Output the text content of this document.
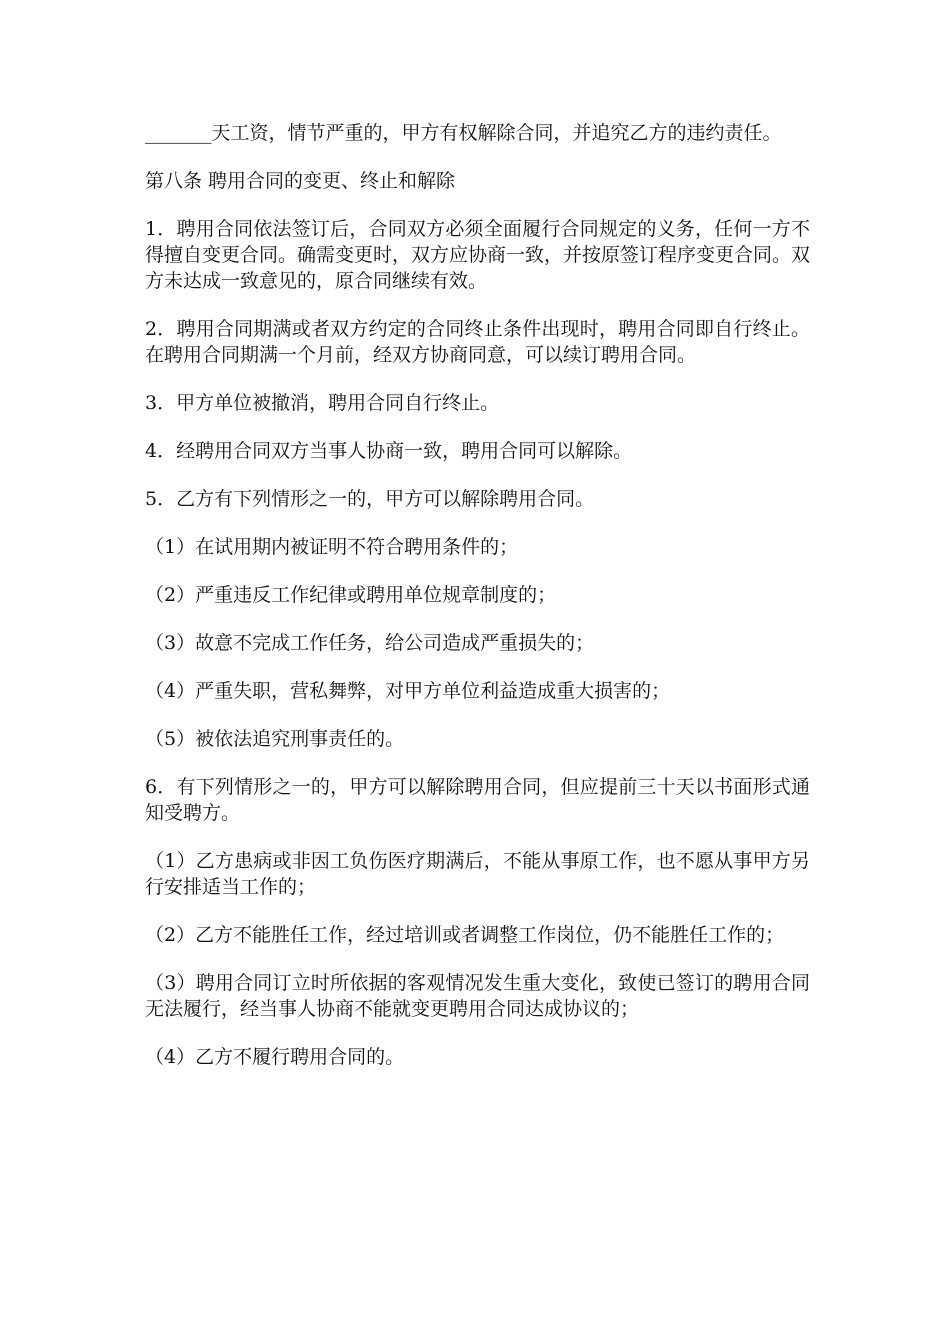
_______天工资，情节严重的，甲方有权解除合同，并追究乙方的违约责任。

第八条 聘用合同的变更、终止和解除

1．聘用合同依法签订后，合同双方必须全面履行合同规定的义务，任何一方不得擅自变更合同。确需变更时，双方应协商一致，并按原签订程序变更合同。双方未达成一致意见的，原合同继续有效。

2．聘用合同期满或者双方约定的合同终止条件出现时，聘用合同即自行终止。在聘用合同期满一个月前，经双方协商同意，可以续订聘用合同。

3．甲方单位被撤消，聘用合同自行终止。

4．经聘用合同双方当事人协商一致，聘用合同可以解除。

5．乙方有下列情形之一的，甲方可以解除聘用合同。

（1）在试用期内被证明不符合聘用条件的；

（2）严重违反工作纪律或聘用单位规章制度的；

（3）故意不完成工作任务，给公司造成严重损失的；

（4）严重失职，营私舞弊，对甲方单位利益造成重大损害的；

（5）被依法追究刑事责任的。

6．有下列情形之一的，甲方可以解除聘用合同，但应提前三十天以书面形式通知受聘方。

（1）乙方患病或非因工负伤医疗期满后，不能从事原工作，也不愿从事甲方另行安排适当工作的；

（2）乙方不能胜任工作，经过培训或者调整工作岗位，仍不能胜任工作的；

（3）聘用合同订立时所依据的客观情况发生重大变化，致使已签订的聘用合同无法履行，经当事人协商不能就变更聘用合同达成协议的；

（4）乙方不履行聘用合同的。
